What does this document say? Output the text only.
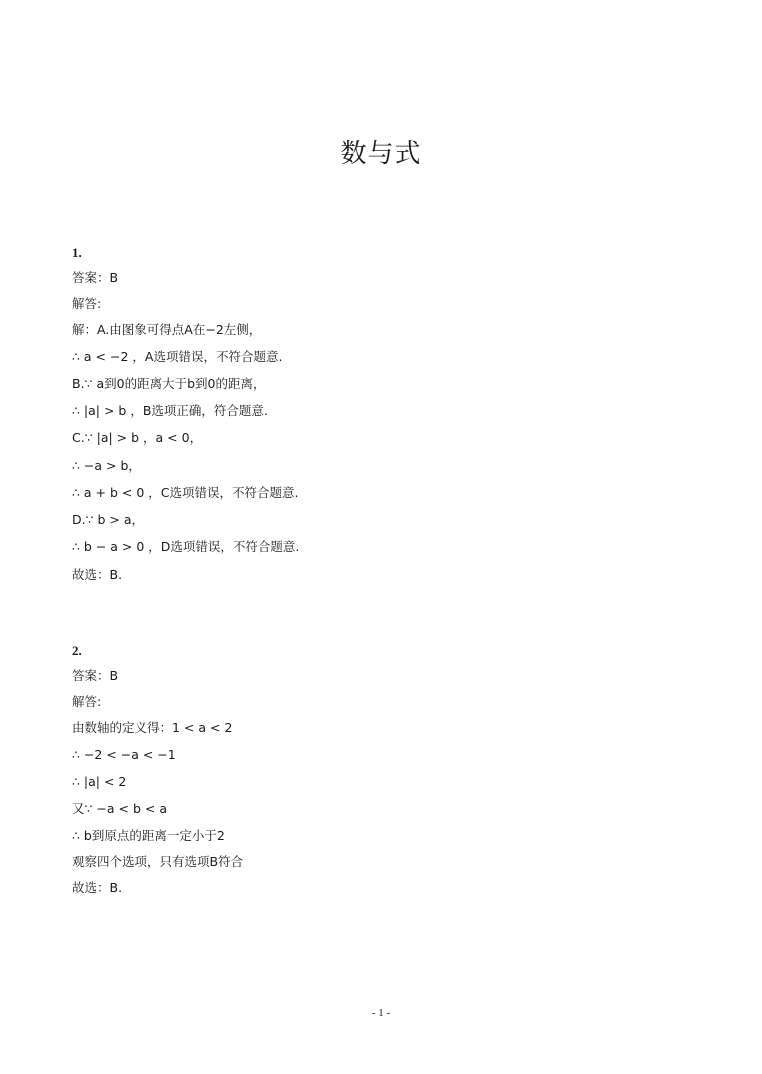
数与式
1.
答案：B
解答:
解：A.由图象可得点A在−2左侧，
∴ a < −2 ，A选项错误，不符合题意.
B.∵ a到0的距离大于b到0的距离，
∴ |a| > b ，B选项正确，符合题意.
C.∵ |a| > b ，a < 0，
∴ −a > b，
∴ a + b < 0 ，C选项错误，不符合题意.
D.∵ b > a，
∴ b − a > 0 ，D选项错误，不符合题意.
故选：B.
2.
答案：B
解答:
由数轴的定义得：1 < a < 2
∴ −2 < −a < −1
∴ |a| < 2
又∵ −a < b < a
∴ b到原点的距离一定小于2
观察四个选项，只有选项B符合
故选：B.
- 1 -
